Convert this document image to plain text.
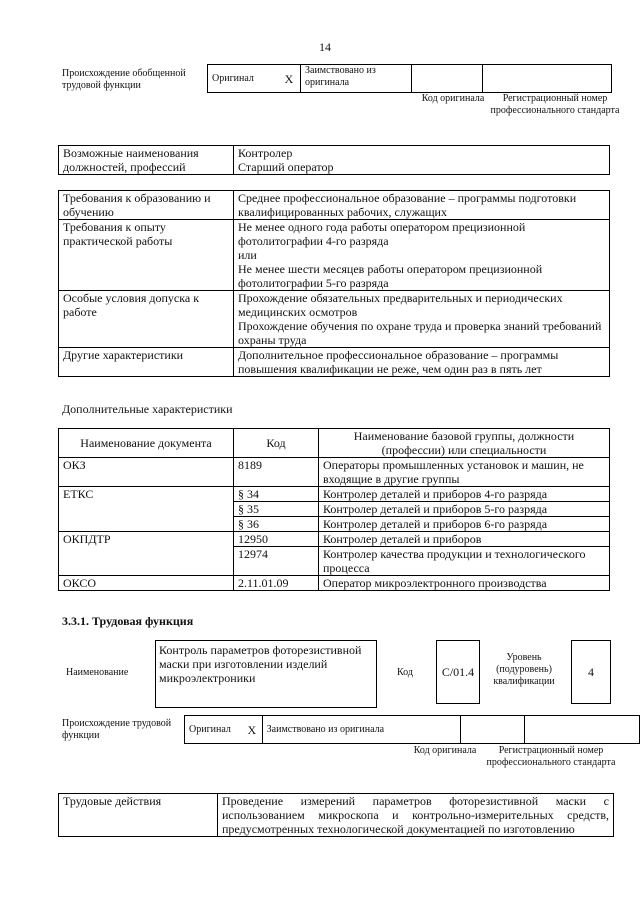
14
Происхождение обобщенной трудовой функции
Оригинал	X	Заимствовано из оригинала		
Код оригинала	Регистрационный номер профессионального стандарта
Возможные наименования должностей, профессий	
Контролер
Старший оператор
Требования к образованию и обучению	Среднее профессиональное образование – программы подготовки квалифицированных рабочих, служащих

Требования к опыту практической работы	Не менее одного года работы оператором прецизионной фотолитографии 4-го разряда
или
Не менее шести месяцев работы оператором прецизионной фотолитографии 5-го разряда

Особые условия допуска к работе	Прохождение обязательных предварительных и периодических медицинских осмотров
Прохождение обучения по охране труда и проверка знаний требований охраны труда

Другие характеристики	Дополнительное профессиональное образование – программы повышения квалификации не реже, чем один раз в пять лет
Дополнительные характеристики
Наименование документа	Код	Наименование базовой группы, должности (профессии) или специальности
ОКЗ	8189	Операторы промышленных установок и машин, не входящие в другие группы
ЕТКС	§ 34	Контролер деталей и приборов 4-го разряда
	§ 35	Контролер деталей и приборов 5-го разряда
	§ 36	Контролер деталей и приборов 6-го разряда
ОКПДТР	12950	Контролер деталей и приборов
	12974	Контролер качества продукции и технологического процесса
ОКСО	2.11.01.09	Оператор микроэлектронного производства
3.3.1. Трудовая функция
Наименование
Контроль параметров фоторезистивной маски при изготовлении изделий микроэлектроники	Код	C/01.4
Уровень (подуровень) квалификации
4
Происхождение трудовой функции
Оригинал	X	Заимствовано из оригинала		
Код оригинала	Регистрационный номер профессионального стандарта
Трудовые действия	Проведение измерений параметров фоторезистивной маски с использованием микроскопа и контрольно-измерительных средств, предусмотренных технологической документацией по изготовлению
